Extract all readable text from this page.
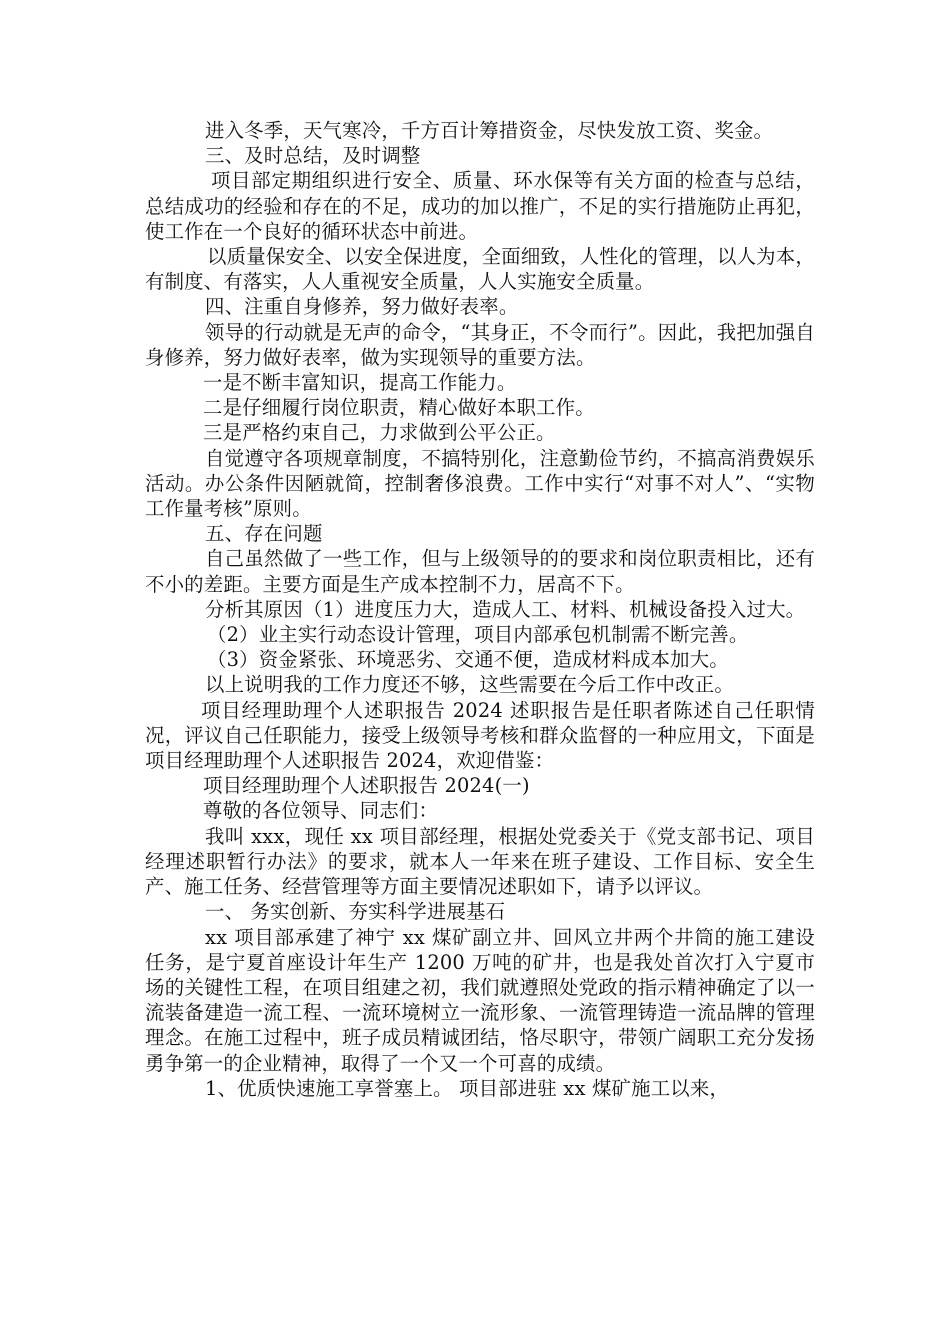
进入冬季，天气寒冷，千方百计筹措资金，尽快发放工资、奖金。

三、及时总结，及时调整

项目部定期组织进行安全、质量、环水保等有关方面的检查与总结，总结成功的经验和存在的不足，成功的加以推广，不足的实行措施防止再犯，使工作在一个良好的循环状态中前进。

以质量保安全、以安全保进度，全面细致，人性化的管理，以人为本，有制度、有落实，人人重视安全质量，人人实施安全质量。

四、注重自身修养，努力做好表率。

领导的行动就是无声的命令，“其身正，不令而行”。因此，我把加强自身修养，努力做好表率，做为实现领导的重要方法。

一是不断丰富知识，提高工作能力。

二是仔细履行岗位职责，精心做好本职工作。

三是严格约束自己，力求做到公平公正。

自觉遵守各项规章制度，不搞特别化，注意勤俭节约，不搞高消费娱乐活动。办公条件因陋就简，控制奢侈浪费。工作中实行“对事不对人”、“实物工作量考核”原则。

五、存在问题

自己虽然做了一些工作，但与上级领导的的要求和岗位职责相比，还有不小的差距。主要方面是生产成本控制不力，居高不下。

分析其原因（1）进度压力大，造成人工、材料、机械设备投入过大。

（2）业主实行动态设计管理，项目内部承包机制需不断完善。

（3）资金紧张、环境恶劣、交通不便，造成材料成本加大。

以上说明我的工作力度还不够，这些需要在今后工作中改正。

项目经理助理个人述职报告 2024 述职报告是任职者陈述自己任职情况，评议自己任职能力，接受上级领导考核和群众监督的一种应用文，下面是项目经理助理个人述职报告 2024，欢迎借鉴：

项目经理助理个人述职报告 2024(一)

尊敬的各位领导、同志们：

我叫 xxx，现任 xx 项目部经理，根据处党委关于《党支部书记、项目经理述职暂行办法》的要求，就本人一年来在班子建设、工作目标、安全生产、施工任务、经营管理等方面主要情况述职如下，请予以评议。

一、 务实创新、夯实科学进展基石

xx 项目部承建了神宁 xx 煤矿副立井、回风立井两个井筒的施工建设任务，是宁夏首座设计年生产 1200 万吨的矿井，也是我处首次打入宁夏市场的关键性工程，在项目组建之初，我们就遵照处党政的指示精神确定了以一流装备建造一流工程、一流环境树立一流形象、一流管理铸造一流品牌的管理理念。在施工过程中，班子成员精诚团结，恪尽职守，带领广阔职工充分发扬勇争第一的企业精神，取得了一个又一个可喜的成绩。

1、优质快速施工享誉塞上。 项目部进驻 xx 煤矿施工以来，
